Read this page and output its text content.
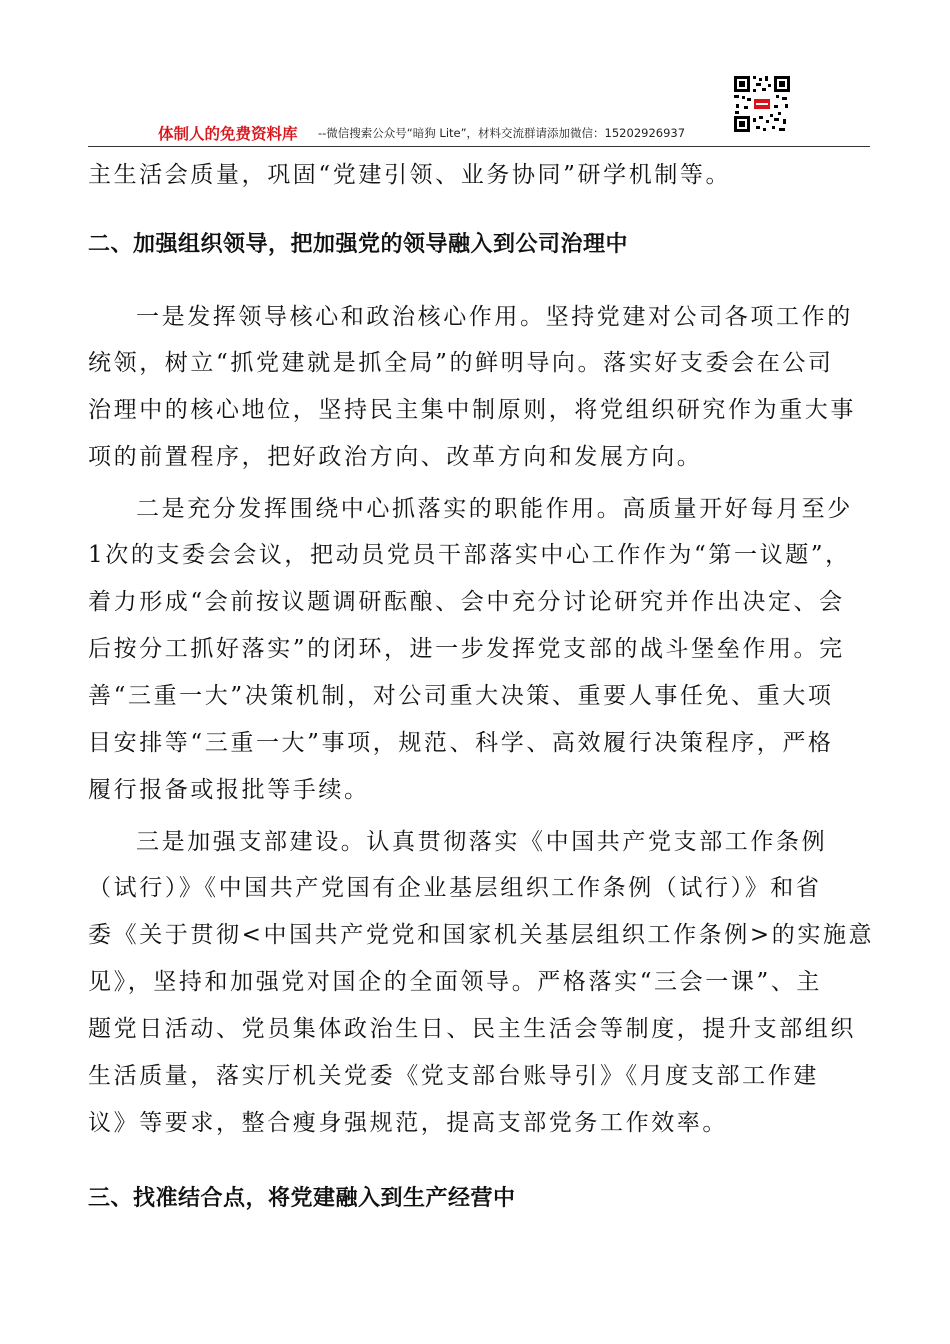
体制人的免费资料库 --微信搜索公众号“暗狗 Lite”，材料交流群请添加微信：15202926937
主生活会质量，巩固“党建引领、业务协同”研学机制等。
二、加强组织领导，把加强党的领导融入到公司治理中
一是发挥领导核心和政治核心作用。坚持党建对公司各项工作的
统领，树立“抓党建就是抓全局”的鲜明导向。落实好支委会在公司
治理中的核心地位，坚持民主集中制原则，将党组织研究作为重大事
项的前置程序，把好政治方向、改革方向和发展方向。
二是充分发挥围绕中心抓落实的职能作用。高质量开好每月至少
1次的支委会会议，把动员党员干部落实中心工作作为“第一议题”，
着力形成“会前按议题调研酝酿、会中充分讨论研究并作出决定、会
后按分工抓好落实”的闭环，进一步发挥党支部的战斗堡垒作用。完
善“三重一大”决策机制，对公司重大决策、重要人事任免、重大项
目安排等“三重一大”事项，规范、科学、高效履行决策程序，严格
履行报备或报批等手续。
三是加强支部建设。认真贯彻落实《中国共产党支部工作条例
（试行）》《中国共产党国有企业基层组织工作条例（试行）》和省
委《关于贯彻<中国共产党党和国家机关基层组织工作条例>的实施意
见》，坚持和加强党对国企的全面领导。严格落实“三会一课”、主
题党日活动、党员集体政治生日、民主生活会等制度，提升支部组织
生活质量，落实厅机关党委《党支部台账导引》《月度支部工作建
议》等要求，整合瘦身强规范，提高支部党务工作效率。
三、找准结合点，将党建融入到生产经营中
